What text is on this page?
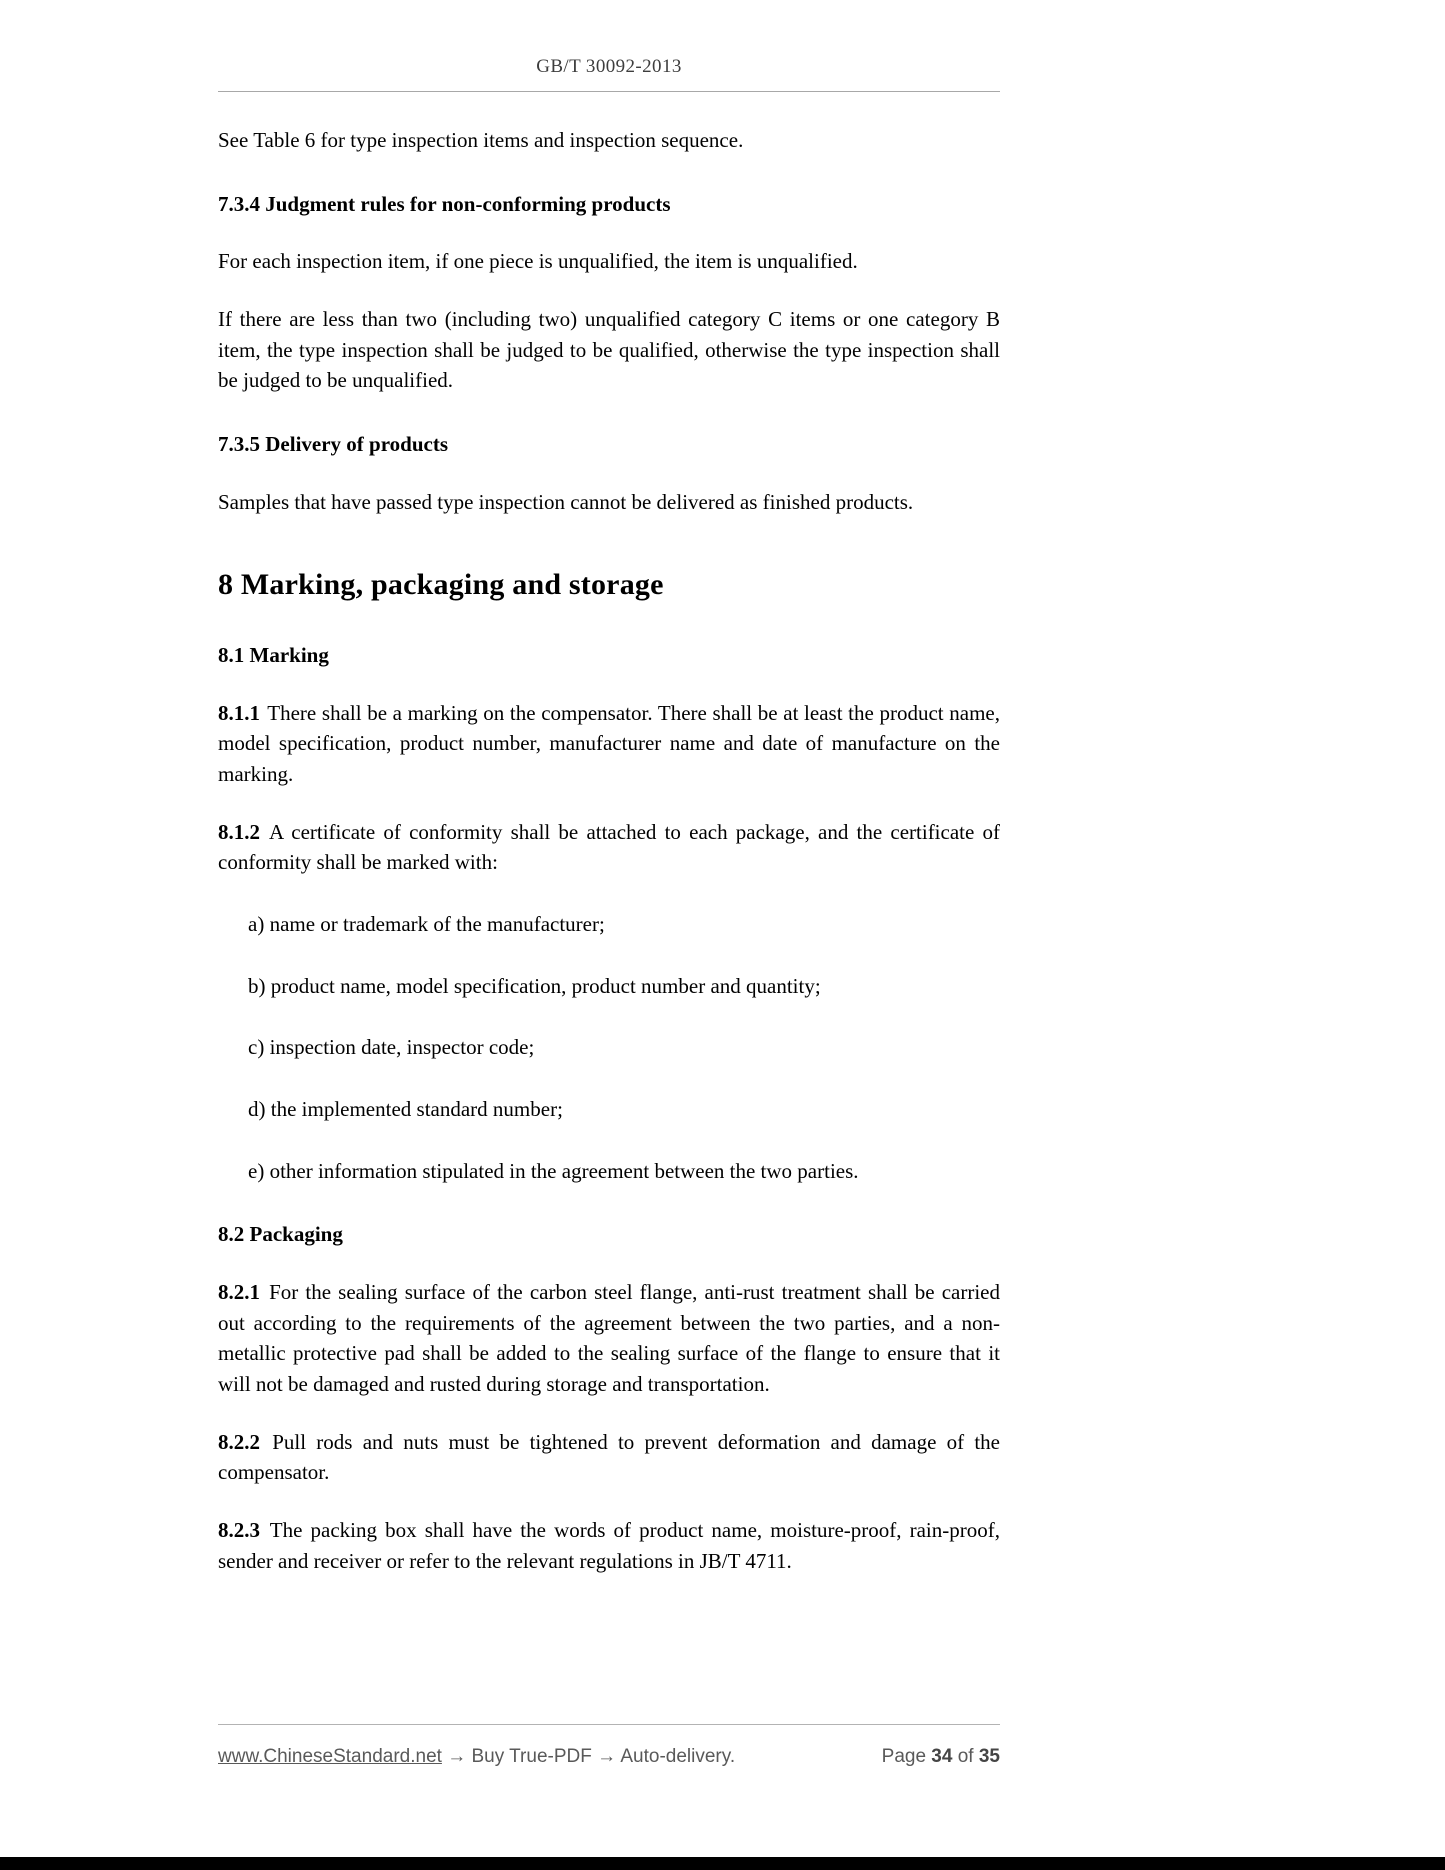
GB/T 30092-2013
See Table 6 for type inspection items and inspection sequence.
7.3.4 Judgment rules for non-conforming products
For each inspection item, if one piece is unqualified, the item is unqualified.
If there are less than two (including two) unqualified category C items or one category B item, the type inspection shall be judged to be qualified, otherwise the type inspection shall be judged to be unqualified.
7.3.5 Delivery of products
Samples that have passed type inspection cannot be delivered as finished products.
8 Marking, packaging and storage
8.1 Marking
8.1.1 There shall be a marking on the compensator. There shall be at least the product name, model specification, product number, manufacturer name and date of manufacture on the marking.
8.1.2 A certificate of conformity shall be attached to each package, and the certificate of conformity shall be marked with:
a) name or trademark of the manufacturer;
b) product name, model specification, product number and quantity;
c) inspection date, inspector code;
d) the implemented standard number;
e) other information stipulated in the agreement between the two parties.
8.2 Packaging
8.2.1 For the sealing surface of the carbon steel flange, anti-rust treatment shall be carried out according to the requirements of the agreement between the two parties, and a non-metallic protective pad shall be added to the sealing surface of the flange to ensure that it will not be damaged and rusted during storage and transportation.
8.2.2 Pull rods and nuts must be tightened to prevent deformation and damage of the compensator.
8.2.3 The packing box shall have the words of product name, moisture-proof, rain-proof, sender and receiver or refer to the relevant regulations in JB/T 4711.
www.ChineseStandard.net → Buy True-PDF → Auto-delivery.	Page 34 of 35
